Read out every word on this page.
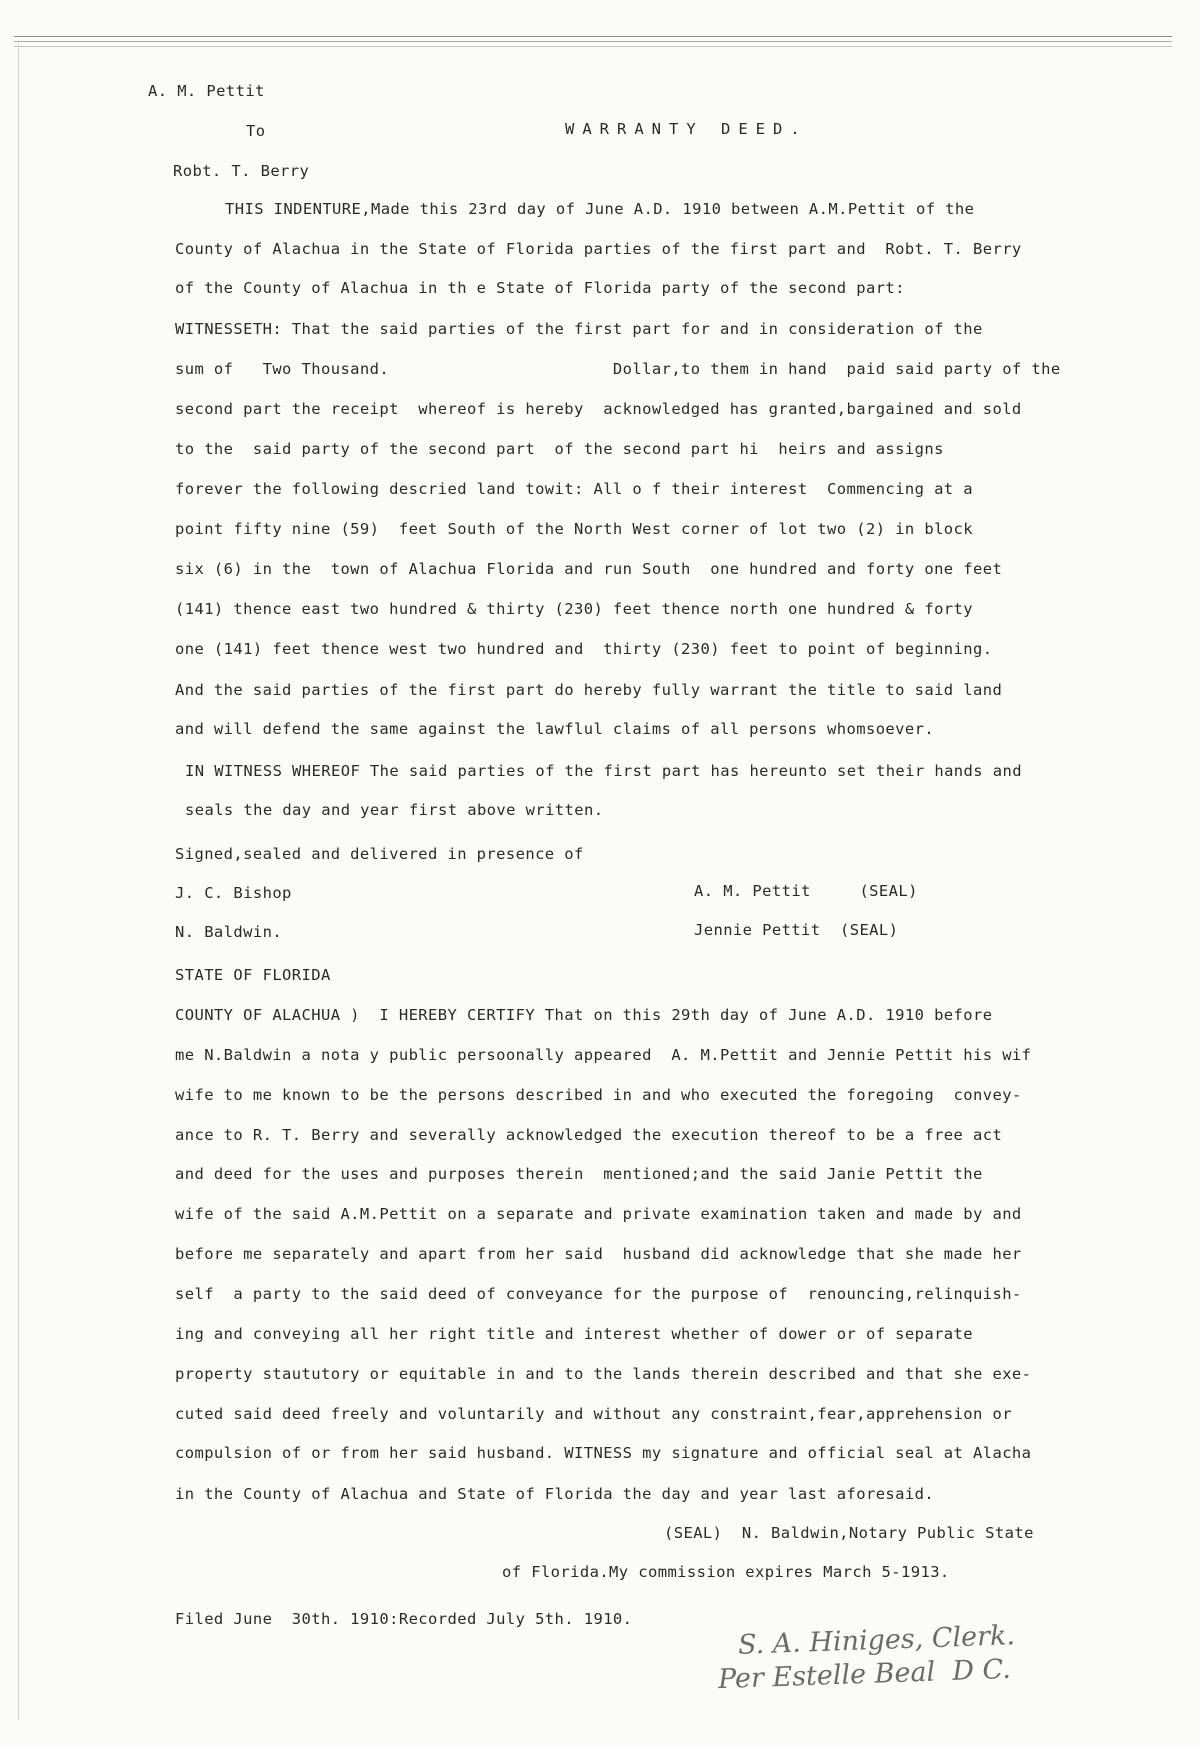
A. M. Pettit
To	WARRANTY DEED.
Robt. T. Berry
THIS INDENTURE,Made this 23rd day of June A.D. 1910 between A.M.Pettit of the
County of Alachua in the State of Florida parties of the first part and  Robt. T. Berry
of the County of Alachua in th e State of Florida party of the second part:
WITNESSETH: That the said parties of the first part for and in consideration of the
sum of   Two Thousand.                       Dollar,to them in hand  paid said party of the
second part the receipt  whereof is hereby  acknowledged has granted,bargained and sold
to the  said party of the second part  of the second part hi  heirs and assigns
forever the following descried land towit: All o f their interest  Commencing at a
point fifty nine (59)  feet South of the North West corner of lot two (2) in block
six (6) in the  town of Alachua Florida and run South  one hundred and forty one feet
(141) thence east two hundred & thirty (230) feet thence north one hundred & forty
one (141) feet thence west two hundred and  thirty (230) feet to point of beginning.
And the said parties of the first part do hereby fully warrant the title to said land
and will defend the same against the lawflul claims of all persons whomsoever.
IN WITNESS WHEREOF The said parties of the first part has hereunto set their hands and
seals the day and year first above written.
Signed,sealed and delivered in presence of
J. C. Bishop
N. Baldwin.
A. M. Pettit     (SEAL)
Jennie Pettit  (SEAL)
STATE OF FLORIDA
COUNTY OF ALACHUA )  I HEREBY CERTIFY That on this 29th day of June A.D. 1910 before
me N.Baldwin a nota y public persoonally appeared  A. M.Pettit and Jennie Pettit his wif
wife to me known to be the persons described in and who executed the foregoing  convey-
ance to R. T. Berry and severally acknowledged the execution thereof to be a free act
and deed for the uses and purposes therein  mentioned;and the said Janie Pettit the
wife of the said A.M.Pettit on a separate and private examination taken and made by and
before me separately and apart from her said  husband did acknowledge that she made her
self  a party to the said deed of conveyance for the purpose of  renouncing,relinquish-
ing and conveying all her right title and interest whether of dower or of separate
property staututory or equitable in and to the lands therein described and that she exe-
cuted said deed freely and voluntarily and without any constraint,fear,apprehension or
compulsion of or from her said husband. WITNESS my signature and official seal at Alacha
in the County of Alachua and State of Florida the day and year last aforesaid.
(SEAL)  N. Baldwin,Notary Public State
of Florida.My commission expires March 5-1913.
Filed June  30th. 1910:Recorded July 5th. 1910.
S. A. Hiniges, Clerk.
Per Estelle Beal  D C.
